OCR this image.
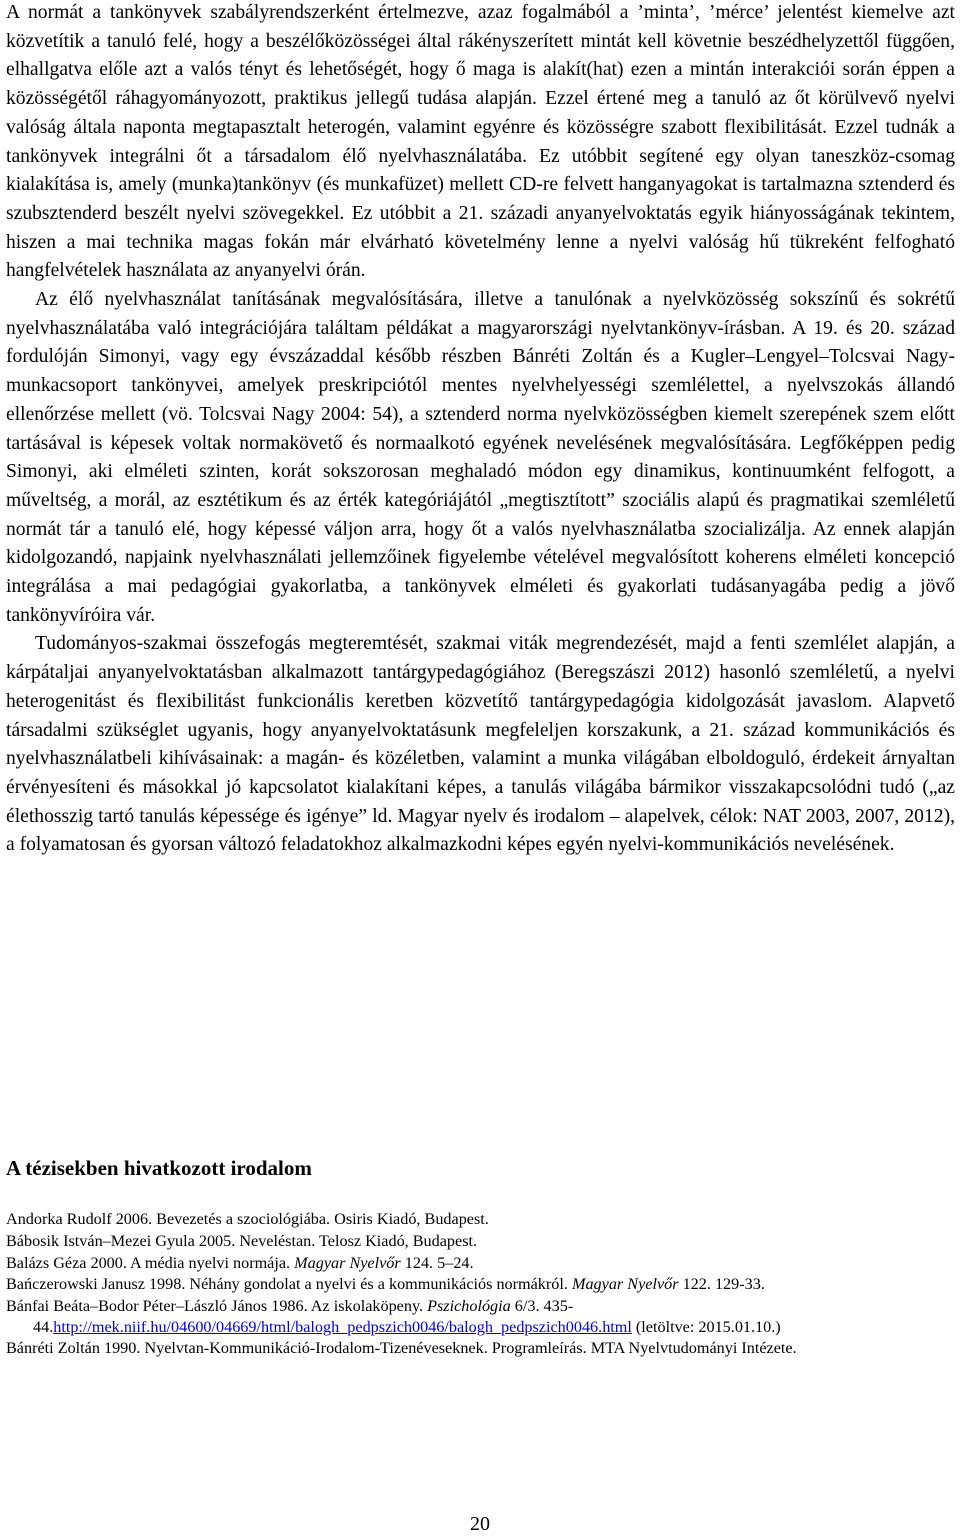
A normát a tankönyvek szabályrendszerként értelmezve, azaz fogalmából a ’minta’, ’mérce’ jelentést kiemelve azt közvetítik a tanuló felé, hogy a beszélőközösségei által rákényszerített mintát kell követnie beszédhelyzettől függően, elhallgatva előle azt a valós tényt és lehetőségét, hogy ő maga is alakít(hat) ezen a mintán interakciói során éppen a közösségétől ráhagyományozott, praktikus jellegű tudása alapján. Ezzel értené meg a tanuló az őt körülvevő nyelvi valóság általa naponta megtapasztalt heterogén, valamint egyénre és közösségre szabott flexibilitását. Ezzel tudnák a tankönyvek integrálni őt a társadalom élő nyelvhasználatába. Ez utóbbit segítené egy olyan taneszköz-csomag kialakítása is, amely (munka)tankönyv (és munkafüzet) mellett CD-re felvett hanganyagokat is tartalmazna sztenderd és szubsztenderd beszélt nyelvi szövegekkel. Ez utóbbit a 21. századi anyanyelvoktatás egyik hiányosságának tekintem, hiszen a mai technika magas fokán már elvárható követelmény lenne a nyelvi valóság hű tükreként felfogható hangfelvételek használata az anyanyelvi órán.

Az élő nyelvhasználat tanításának megvalósítására, illetve a tanulónak a nyelvközösség sokszínű és sokrétű nyelvhasználatába való integrációjára találtam példákat a magyarországi nyelvtankönyv-írásban. A 19. és 20. század fordulóján Simonyi, vagy egy évszázaddal később részben Bánréti Zoltán és a Kugler–Lengyel–Tolcsvai Nagy-munkacsoport tankönyvei, amelyek preskripciótól mentes nyelvhelyességi szemlélettel, a nyelvszokás állandó ellenőrzése mellett (vö. Tolcsvai Nagy 2004: 54), a sztenderd norma nyelvközösségben kiemelt szerepének szem előtt tartásával is képesek voltak normakövető és normaalkotó egyének nevelésének megvalósítására. Legfőképpen pedig Simonyi, aki elméleti szinten, korát sokszorosan meghaladó módon egy dinamikus, kontinuumként felfogott, a műveltség, a morál, az esztétikum és az érték kategóriájától „megtisztított” szociális alapú és pragmatikai szemléletű normát tár a tanuló elé, hogy képessé váljon arra, hogy őt a valós nyelvhasználatba szocializálja. Az ennek alapján kidolgozandó, napjaink nyelvhasználati jellemzőinek figyelembe vételével megvalósított koherens elméleti koncepció integrálása a mai pedagógiai gyakorlatba, a tankönyvek elméleti és gyakorlati tudásanyagába pedig a jövő tankönyvíróira vár.

Tudományos-szakmai összefogás megteremtését, szakmai viták megrendezését, majd a fenti szemlélet alapján, a kárpátaljai anyanyelvoktatásban alkalmazott tantárgypedagógiához (Beregszászi 2012) hasonló szemléletű, a nyelvi heterogenitást és flexibilitást funkcionális keretben közvetítő tantárgypedagógia kidolgozását javaslom. Alapvető társadalmi szükséglet ugyanis, hogy anyanyelvoktatásunk megfeleljen korszakunk, a 21. század kommunikációs és nyelvhasználatbeli kihívásainak: a magán- és közéletben, valamint a munka világában elboldoguló, érdekeit árnyaltan érvényesíteni és másokkal jó kapcsolatot kialakítani képes, a tanulás világába bármikor visszakapcsolódni tudó („az élethosszig tartó tanulás képessége és igénye” ld. Magyar nyelv és irodalom – alapelvek, célok: NAT 2003, 2007, 2012), a folyamatosan és gyorsan változó feladatokhoz alkalmazkodni képes egyén nyelvi-kommunikációs nevelésének.

A tézisekben hivatkozott irodalom
Andorka Rudolf 2006. Bevezetés a szociológiába. Osiris Kiadó, Budapest.
Bábosik István–Mezei Gyula 2005. Neveléstan. Telosz Kiadó, Budapest.
Balázs Géza 2000. A média nyelvi normája. Magyar Nyelvőr 124. 5–24.
Bańczerowski Janusz 1998. Néhány gondolat a nyelvi és a kommunikációs normákról. Magyar Nyelvőr 122. 129-33.
Bánfai Beáta–Bodor Péter–László János 1986. Az iskolaköpeny. Pszichológia 6/3. 435-44.http://mek.niif.hu/04600/04669/html/balogh_pedpszich0046/balogh_pedpszich0046.html (letöltve: 2015.01.10.)
Bánréti Zoltán 1990. Nyelvtan-Kommunikáció-Irodalom-Tizenéveseknek. Programleírás. MTA Nyelvtudományi Intézete.
20
